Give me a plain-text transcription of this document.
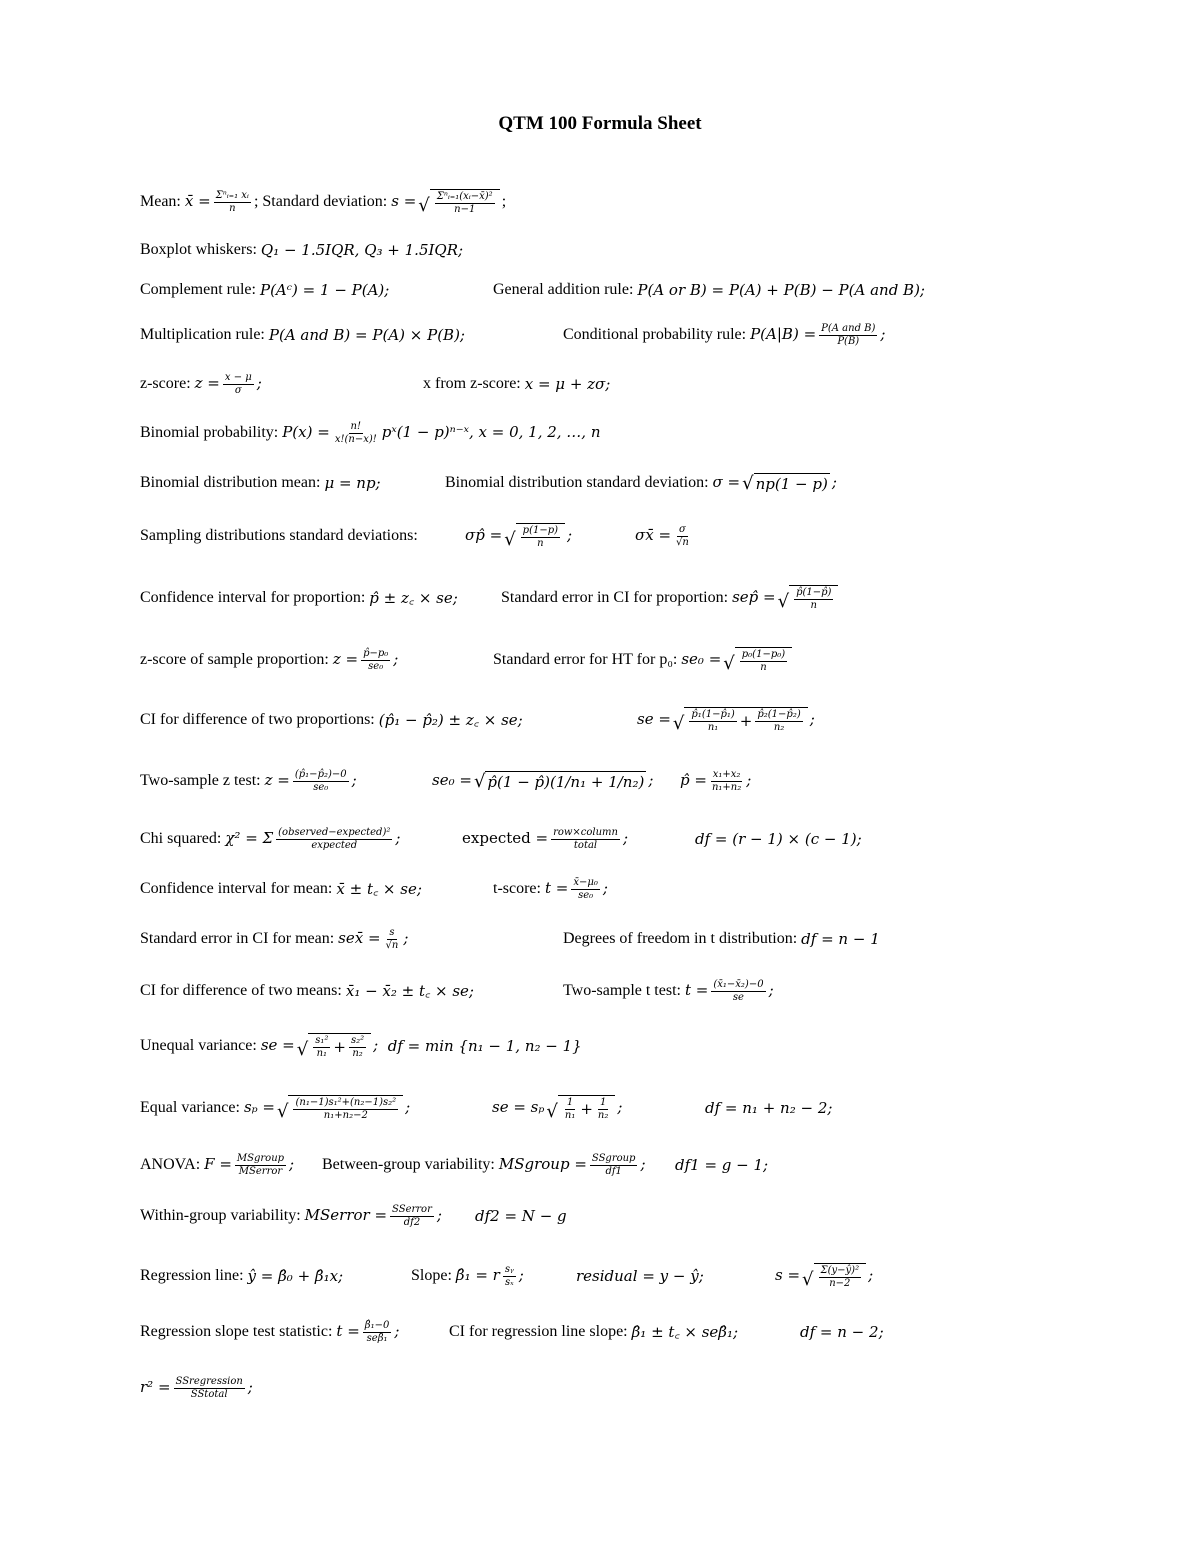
QTM 100 Formula Sheet
Mean: x̄ = $\frac{\text{Σⁿᵢ₌₁ xᵢ}}{n}$ ; Standard deviation: s = √ $\frac{\text{Σⁿᵢ₌₁(xᵢ−x̄)²}}{n-1}$ ;
Boxplot whiskers: Q₁ − 1.5IQR, Q₃ + 1.5IQR;
Complement rule: P(Aᶜ) = 1 − P(A);	General addition rule: P(A or B) = P(A) + P(B) − P(A and B);
Multiplication rule: P(A and B) = P(A) × P(B);	Conditional probability rule: $P(A|B) = \frac{\text{P(A and B)}}{P(B)}$ ;
z-score: $z = \frac{x - \mu}{\sigma}$ ;	x from z-score: x = μ + zσ;
Binomial probability: $P(x) = \frac{n!}{x!(n-x)!}$ pˣ(1 − p)ⁿ⁻ˣ, x = 0, 1, 2, …, n
Binomial distribution mean: μ = np;	Binomial distribution standard deviation: σ = √ np(1 − p) ;
Sampling distributions standard deviations:	σp̂ = √ $\frac{p(1-p)}{n}$ ;	σx̄ = $\frac{\sigma}{√n}$
Confidence interval for proportion: p̂ ± z꜀ × se;	Standard error in CI for proportion: sep̂ = √ $\frac{p̂(1-p̂)}{n}$
z-score of sample proportion: $z = \frac{\text{p̂−p₀}}{\text{se₀}}$ ;	Standard error for HT for p₀: se₀ = √ $\frac{\text{p₀(1−p₀)}}{n}$
CI for difference of two proportions: (p̂₁ − p̂₂) ± z꜀ × se;	se = √ $\frac{\text{p̂₁(1−p̂₁)}}{\text{n₁}} + \frac{\text{p̂₂(1−p̂₂)}}{\text{n₂}}$ ;
Two-sample z test: $z = \frac{\text{(p̂₁−p̂₂)−0}}{\text{se₀}}$ ;	se₀ = √ p̂(1 − p̂)(1/n₁ + 1/n₂) ; p̂ = $\frac{\text{x₁+x₂}}{\text{n₁+n₂}}$ ;
Chi squared: χ² = Σ $\frac{\text{(observed−expected)²}}{\text{expected}}$ ;	expected = $\frac{\text{row×column}}{\text{total}}$ ;	df = (r − 1) × (c − 1);
Confidence interval for mean: x̄ ± t꜀ × se;	t-score: $t = \frac{\text{x̄−μ₀}}{\text{se₀}}$ ;
Standard error in CI for mean: sex̄ = $\frac{s}{√n}$ ;	Degrees of freedom in t distribution: df = n − 1
CI for difference of two means: x̄₁ − x̄₂ ± t꜀ × se;	Two-sample t test: $t = \frac{\text{(x̄₁−x̄₂)−0}}{se}$ ;
Unequal variance: se = √ $\frac{\text{s₁²}}{\text{n₁}} + \frac{\text{s₂²}}{\text{n₂}}$ ; df = min {n₁ − 1, n₂ − 1}
Equal variance: sₚ = √ $\frac{\text{(n₁−1)s₁²+(n₂−1)s₂²}}{\text{n₁+n₂−2}}$ ;	se = sₚ √ $\frac{1}{\text{n₁}} + \frac{1}{\text{n₂}}$ ;	df = n₁ + n₂ − 2;
ANOVA: $F = \frac{\text{MSgroup}}{\text{MSerror}}$ ; Between-group variability: MSgroup = $\frac{\text{SSgroup}}{df1}$ ; df1 = g − 1;
Within-group variability: MSerror = $\frac{\text{SSerror}}{df2}$ ; df2 = N − g
Regression line: ŷ = β̂₀ + β̂₁x;	Slope: β̂₁ = r $\frac{\text{sᵧ}}{\text{sₓ}}$ ;	residual = y − ŷ;	s = √ $\frac{\text{Σ(y−ŷ)²}}{n-2}$ ;
Regression slope test statistic: $t = \frac{\text{β̂₁−0}}{\text{seβ̂₁}}$ ;	CI for regression line slope: β̂₁ ± t꜀ × seβ̂₁;	df = n − 2;
$r^2 = \frac{\text{SSregression}}{\text{SStotal}}$ ;
